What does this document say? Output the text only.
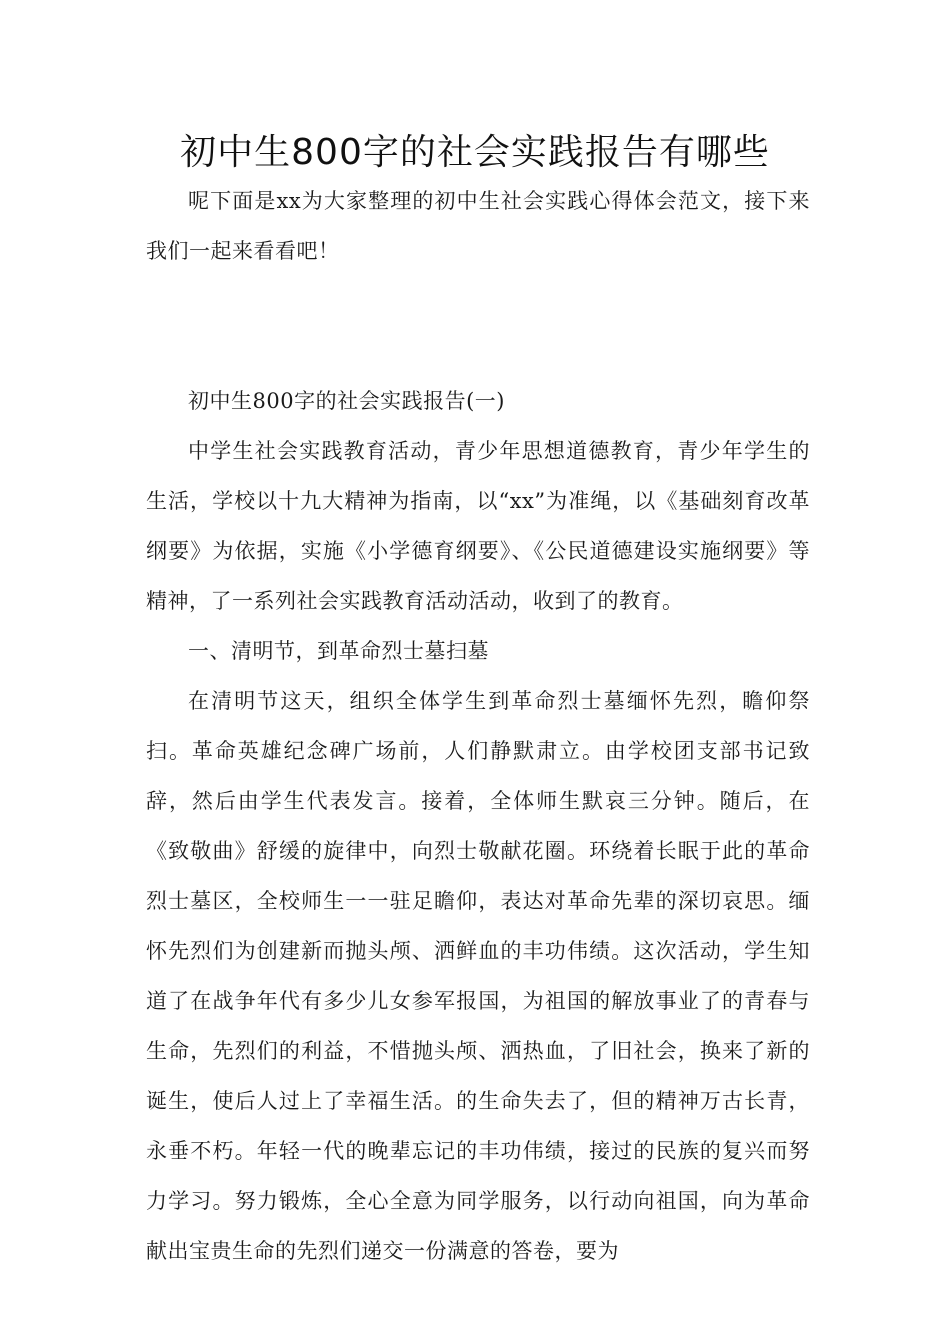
初中生800字的社会实践报告有哪些

呢下面是xx为大家整理的初中生社会实践心得体会范文，接下来我们一起来看看吧！

初中生800字的社会实践报告(一)

中学生社会实践教育活动，青少年思想道德教育，青少年学生的生活，学校以十九大精神为指南，以“xx”为准绳，以《基础刻育改革纲要》为依据，实施《小学德育纲要》、《公民道德建设实施纲要》等精神，了一系列社会实践教育活动活动，收到了的教育。

一、清明节，到革命烈士墓扫墓

在清明节这天，组织全体学生到革命烈士墓缅怀先烈，瞻仰祭扫。革命英雄纪念碑广场前，人们静默肃立。由学校团支部书记致辞，然后由学生代表发言。接着，全体师生默哀三分钟。随后，在《致敬曲》舒缓的旋律中，向烈士敬献花圈。环绕着长眠于此的革命烈士墓区，全校师生一一驻足瞻仰，表达对革命先辈的深切哀思。缅怀先烈们为创建新而抛头颅、洒鲜血的丰功伟绩。这次活动，学生知道了在战争年代有多少儿女参军报国，为祖国的解放事业了的青春与生命，先烈们的利益，不惜抛头颅、洒热血，了旧社会，换来了新的诞生，使后人过上了幸福生活。的生命失去了，但的精神万古长青，永垂不朽。年轻一代的晚辈忘记的丰功伟绩，接过的民族的复兴而努力学习。努力锻炼，全心全意为同学服务，以行动向祖国，向为革命献出宝贵生命的先烈们递交一份满意的答卷，要为
